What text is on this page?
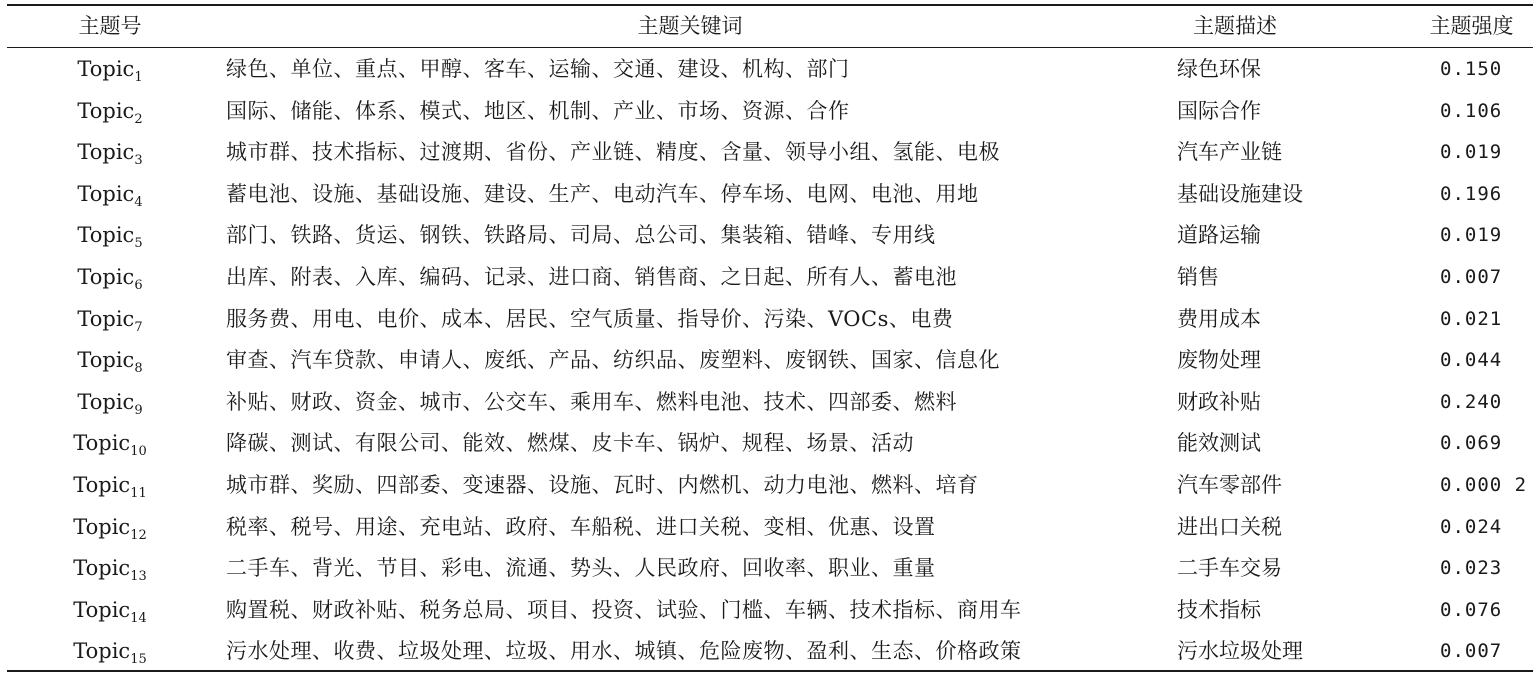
主题号	主题关键词	主题描述	主题强度
Topic$_1$	绿色、单位、重点、甲醇、客车、运输、交通、建设、机构、部门	绿色环保	0.150
Topic$_2$	国际、储能、体系、模式、地区、机制、产业、市场、资源、合作	国际合作	0.106
Topic$_3$	城市群、技术指标、过渡期、省份、产业链、精度、含量、领导小组、氢能、电极	汽车产业链	0.019
Topic$_4$	蓄电池、设施、基础设施、建设、生产、电动汽车、停车场、电网、电池、用地	基础设施建设	0.196
Topic$_5$	部门、铁路、货运、钢铁、铁路局、司局、总公司、集装箱、错峰、专用线	道路运输	0.019
Topic$_6$	出库、附表、入库、编码、记录、进口商、销售商、之日起、所有人、蓄电池	销售	0.007
Topic$_7$	服务费、用电、电价、成本、居民、空气质量、指导价、污染、VOCs、电费	费用成本	0.021
Topic$_8$	审查、汽车贷款、申请人、废纸、产品、纺织品、废塑料、废钢铁、国家、信息化	废物处理	0.044
Topic$_9$	补贴、财政、资金、城市、公交车、乘用车、燃料电池、技术、四部委、燃料	财政补贴	0.240
Topic$_{10}$	降碳、测试、有限公司、能效、燃煤、皮卡车、锅炉、规程、场景、活动	能效测试	0.069
Topic$_{11}$	城市群、奖励、四部委、变速器、设施、瓦时、内燃机、动力电池、燃料、培育	汽车零部件	0.000 2
Topic$_{12}$	税率、税号、用途、充电站、政府、车船税、进口关税、变相、优惠、设置	进出口关税	0.024
Topic$_{13}$	二手车、背光、节目、彩电、流通、势头、人民政府、回收率、职业、重量	二手车交易	0.023
Topic$_{14}$	购置税、财政补贴、税务总局、项目、投资、试验、门槛、车辆、技术指标、商用车	技术指标	0.076
Topic$_{15}$	污水处理、收费、垃圾处理、垃圾、用水、城镇、危险废物、盈利、生态、价格政策	污水垃圾处理	0.007
